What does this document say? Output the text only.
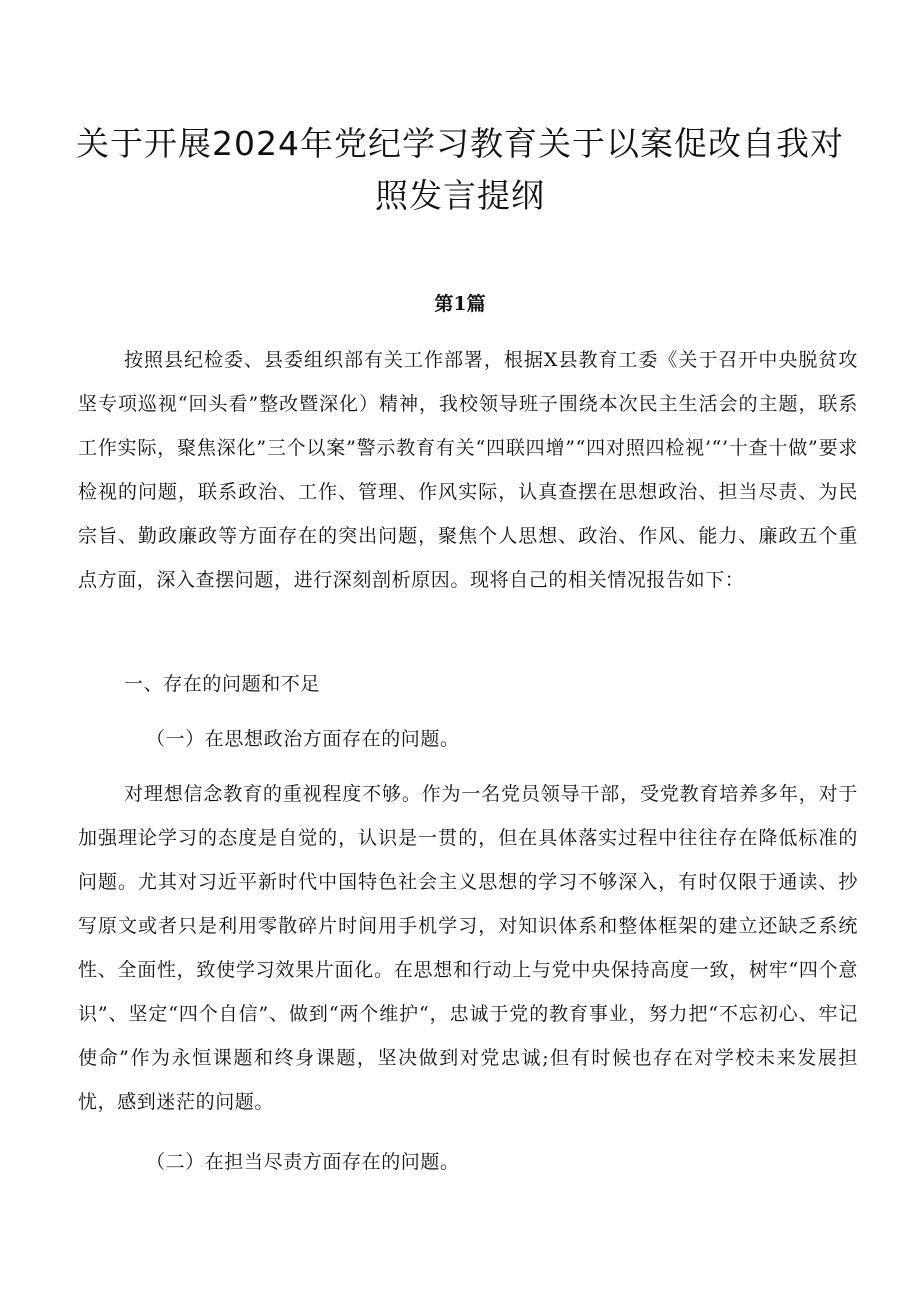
关于开展2024年党纪学习教育关于以案促改自我对照发言提纲
第1篇

按照县纪检委、县委组织部有关工作部署，根据X县教育工委《关于召开中央脱贫攻坚专项巡视“回头看”整改暨深化）精神，我校领导班子围绕本次民主生活会的主题，联系工作实际，聚焦深化”三个以案”警示教育有关“四联四增”“四对照四检视’“’十查十做”要求检视的问题，联系政治、工作、管理、作风实际，认真查摆在思想政治、担当尽责、为民宗旨、勤政廉政等方面存在的突出问题，聚焦个人思想、政治、作风、能力、廉政五个重点方面，深入查摆问题，进行深刻剖析原因。现将自己的相关情况报告如下：

一、存在的问题和不足

（一）在思想政治方面存在的问题。

对理想信念教育的重视程度不够。作为一名党员领导干部，受党教育培养多年，对于加强理论学习的态度是自觉的，认识是一贯的，但在具体落实过程中往往存在降低标准的问题。尤其对习近平新时代中国特色社会主义思想的学习不够深入，有时仅限于通读、抄写原文或者只是利用零散碎片时间用手机学习，对知识体系和整体框架的建立还缺乏系统性、全面性，致使学习效果片面化。在思想和行动上与党中央保持高度一致，树牢“四个意识”、坚定“四个自信”、做到“两个维护“，忠诚于党的教育事业，努力把“不忘初心、牢记使命”作为永恒课题和终身课题，坚决做到对党忠诚;但有时候也存在对学校未来发展担忧，感到迷茫的问题。

（二）在担当尽责方面存在的问题。
